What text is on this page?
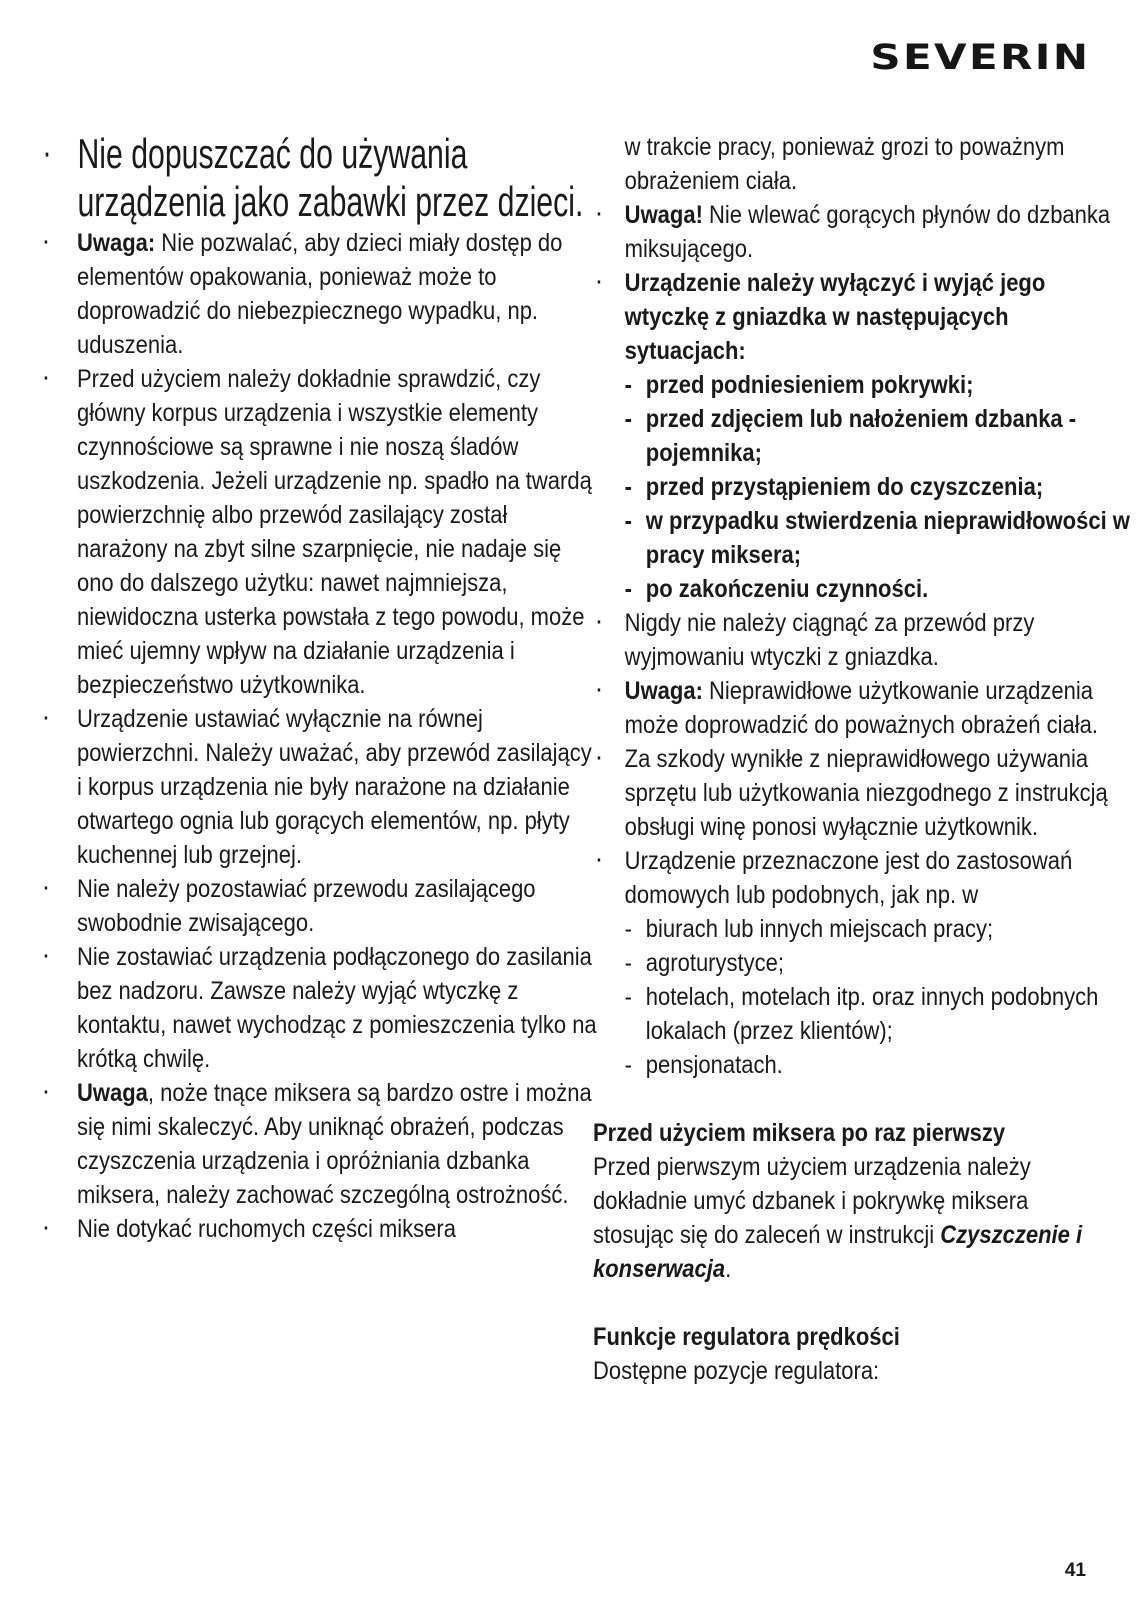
SEVERIN
· Nie dopuszczać do używania urządzenia jako zabawki przez dzieci.
· Uwaga: Nie pozwalać, aby dzieci miały dostęp do elementów opakowania, ponieważ może to doprowadzić do niebezpiecznego wypadku, np. uduszenia.
· Przed użyciem należy dokładnie sprawdzić, czy główny korpus urządzenia i wszystkie elementy czynnościowe są sprawne i nie noszą śladów uszkodzenia. Jeżeli urządzenie np. spadło na twardą powierzchnię albo przewód zasilający został narażony na zbyt silne szarpnięcie, nie nadaje się ono do dalszego użytku: nawet najmniejsza, niewidoczna usterka powstała z tego powodu, może mieć ujemny wpływ na działanie urządzenia i bezpieczeństwo użytkownika.
· Urządzenie ustawiać wyłącznie na równej powierzchni. Należy uważać, aby przewód zasilający i korpus urządzenia nie były narażone na działanie otwartego ognia lub gorących elementów, np. płyty kuchennej lub grzejnej.
· Nie należy pozostawiać przewodu zasilającego swobodnie zwisającego.
· Nie zostawiać urządzenia podłączonego do zasilania bez nadzoru. Zawsze należy wyjąć wtyczkę z kontaktu, nawet wychodząc z pomieszczenia tylko na krótką chwilę.
· Uwaga, noże tnące miksera są bardzo ostre i można się nimi skaleczyć. Aby uniknąć obrażeń, podczas czyszczenia urządzenia i opróżniania dzbanka miksera, należy zachować szczególną ostrożność.
· Nie dotykać ruchomych części miksera
w trakcie pracy, ponieważ grozi to poważnym obrażeniem ciała.
· Uwaga! Nie wlewać gorących płynów do dzbanka miksującego.
· Urządzenie należy wyłączyć i wyjąć jego wtyczkę z gniazdka w następujących sytuacjach:
- przed podniesieniem pokrywki;
- przed zdjęciem lub nałożeniem dzbanka - pojemnika;
- przed przystąpieniem do czyszczenia;
- w przypadku stwierdzenia nieprawidłowości w pracy miksera;
- po zakończeniu czynności.
· Nigdy nie należy ciągnąć za przewód przy wyjmowaniu wtyczki z gniazdka.
· Uwaga: Nieprawidłowe użytkowanie urządzenia może doprowadzić do poważnych obrażeń ciała.
· Za szkody wynikłe z nieprawidłowego używania sprzętu lub użytkowania niezgodnego z instrukcją obsługi winę ponosi wyłącznie użytkownik.
· Urządzenie przeznaczone jest do zastosowań domowych lub podobnych, jak np. w
- biurach lub innych miejscach pracy;
- agroturystyce;
- hotelach, motelach itp. oraz innych podobnych lokalach (przez klientów);
- pensjonatach.
Przed użyciem miksera po raz pierwszy
Przed pierwszym użyciem urządzenia należy dokładnie umyć dzbanek i pokrywkę miksera stosując się do zaleceń w instrukcji Czyszczenie i konserwacja.
Funkcje regulatora prędkości
Dostępne pozycje regulatora:
41
